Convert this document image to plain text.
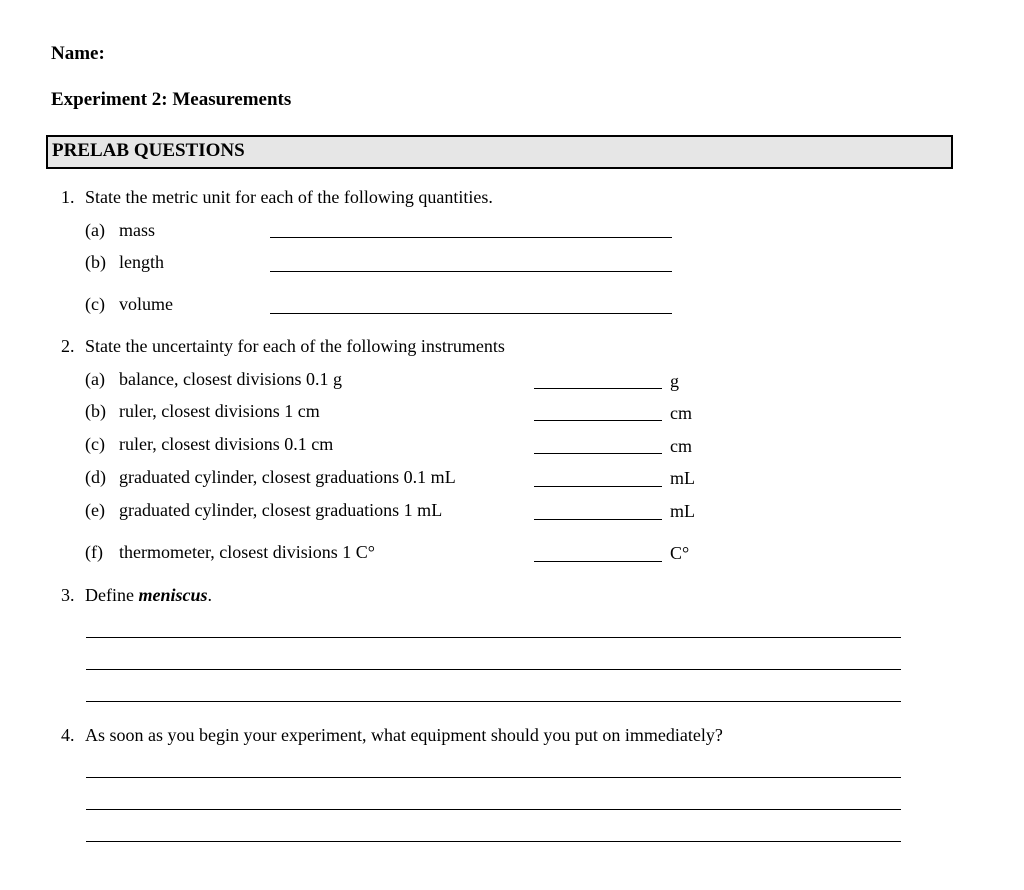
Name:
Experiment 2: Measurements
PRELAB QUESTIONS
1. State the metric unit for each of the following quantities.
(a) mass
(b) length
(c) volume
2. State the uncertainty for each of the following instruments
(a) balance, closest divisions 0.1 g	g
(b) ruler, closest divisions 1 cm	cm
(c) ruler, closest divisions 0.1 cm	cm
(d) graduated cylinder, closest graduations 0.1 mL	mL
(e) graduated cylinder, closest graduations 1 mL	mL
(f) thermometer, closest divisions 1 C°	C°
3. Define meniscus.
4. As soon as you begin your experiment, what equipment should you put on immediately?
